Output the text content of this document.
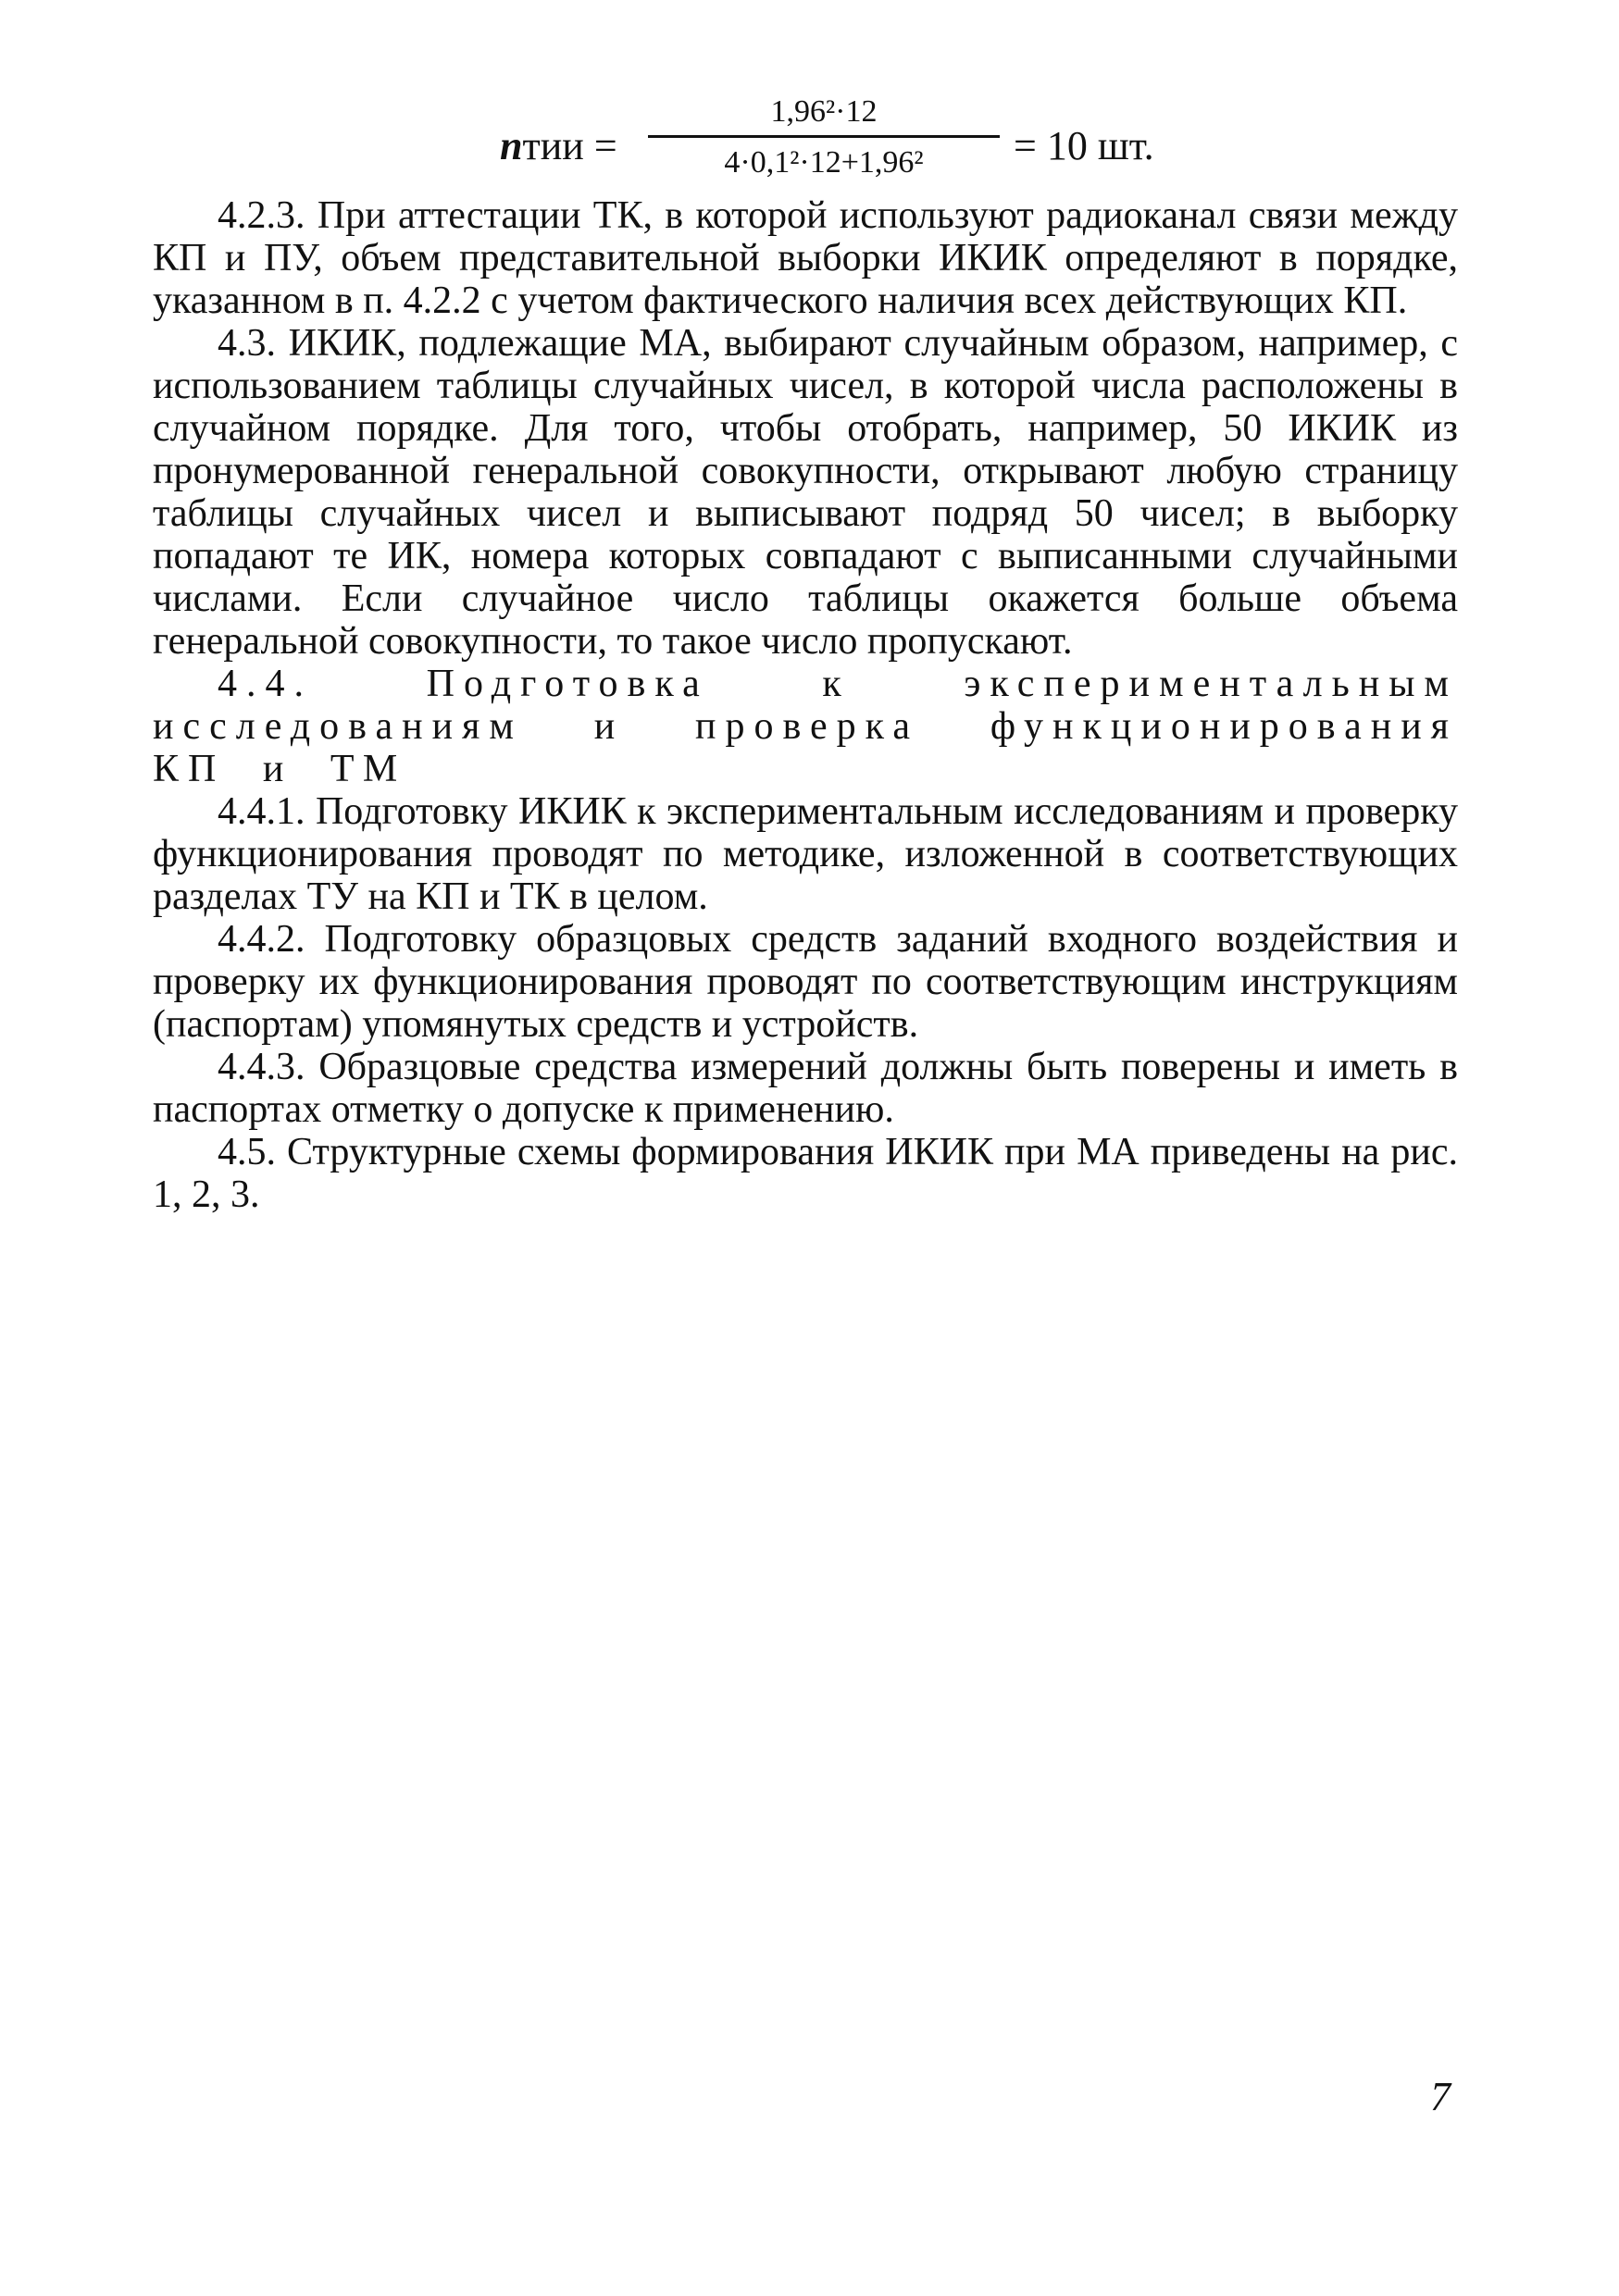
nтии =
1,96²·12
4·0,1²·12+1,96²	= 10 шт.

4.2.3. При аттестации ТК, в которой используют радиоканал связи между КП и ПУ, объем представительной выборки ИКИК определяют в порядке, указанном в п. 4.2.2 с учетом фактического наличия всех действующих КП.

4.3. ИКИК, подлежащие МА, выбирают случайным образом, например, с использованием таблицы случайных чисел, в которой числа расположены в случайном порядке. Для того, чтобы отобрать, например, 50 ИКИК из пронумерованной генеральной совокупности, открывают любую страницу таблицы случайных чисел и выписывают подряд 50 чисел; в выборку попадают те ИК, номера которых совпадают с выписанными случайными числами. Если случайное число таблицы окажется больше объема генеральной совокупности, то такое число пропускают.

4.4. Подготовка к экспериментальным исследованиям и проверка функционирования КП и ТМ

4.4.1. Подготовку ИКИК к экспериментальным исследованиям и проверку функционирования проводят по методике, изложенной в соответствующих разделах ТУ на КП и ТК в целом.

4.4.2. Подготовку образцовых средств заданий входного воздействия и проверку их функционирования проводят по соответствующим инструкциям (паспортам) упомянутых средств и устройств.

4.4.3. Образцовые средства измерений должны быть поверены и иметь в паспортах отметку о допуске к применению.

4.5. Структурные схемы формирования ИКИК при МА приведены на рис. 1, 2, 3.

7
